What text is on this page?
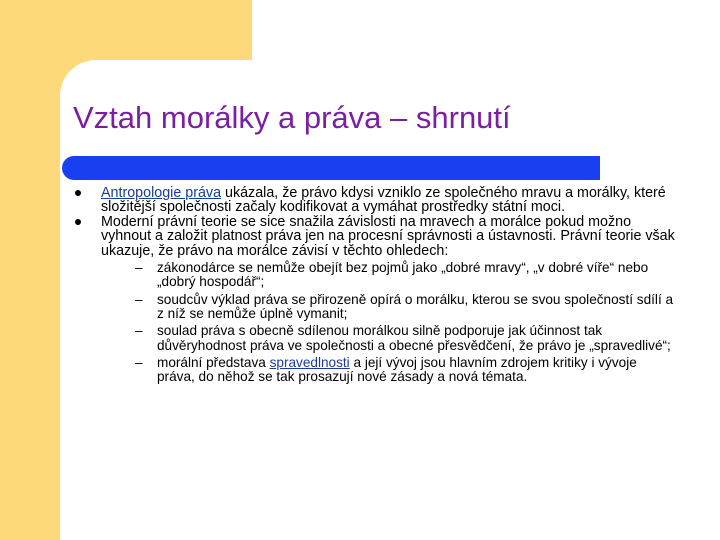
Vztah morálky a práva – shrnutí
Antropologie práva ukázala, že právo kdysi vzniklo ze společného mravu a morálky, které složitější společnosti začaly kodifikovat a vymáhat prostředky státní moci.
Moderní právní teorie se sice snažila závislosti na mravech a morálce pokud možno vyhnout a založit platnost práva jen na procesní správnosti a ústavnosti. Právní teorie však ukazuje, že právo na morálce závisí v těchto ohledech:
– zákonodárce se nemůže obejít bez pojmů jako „dobré mravy“, „v dobré víře“ nebo „dobrý hospodář“;
– soudcův výklad práva se přirozeně opírá o morálku, kterou se svou společností sdílí a z níž se nemůže úplně vymanit;
– soulad práva s obecně sdílenou morálkou silně podporuje jak účinnost tak důvěryhodnost práva ve společnosti a obecné přesvědčení, že právo je „spravedlivé“;
– morální představa spravedlnosti a její vývoj jsou hlavním zdrojem kritiky i vývoje práva, do něhož se tak prosazují nové zásady a nová témata.
